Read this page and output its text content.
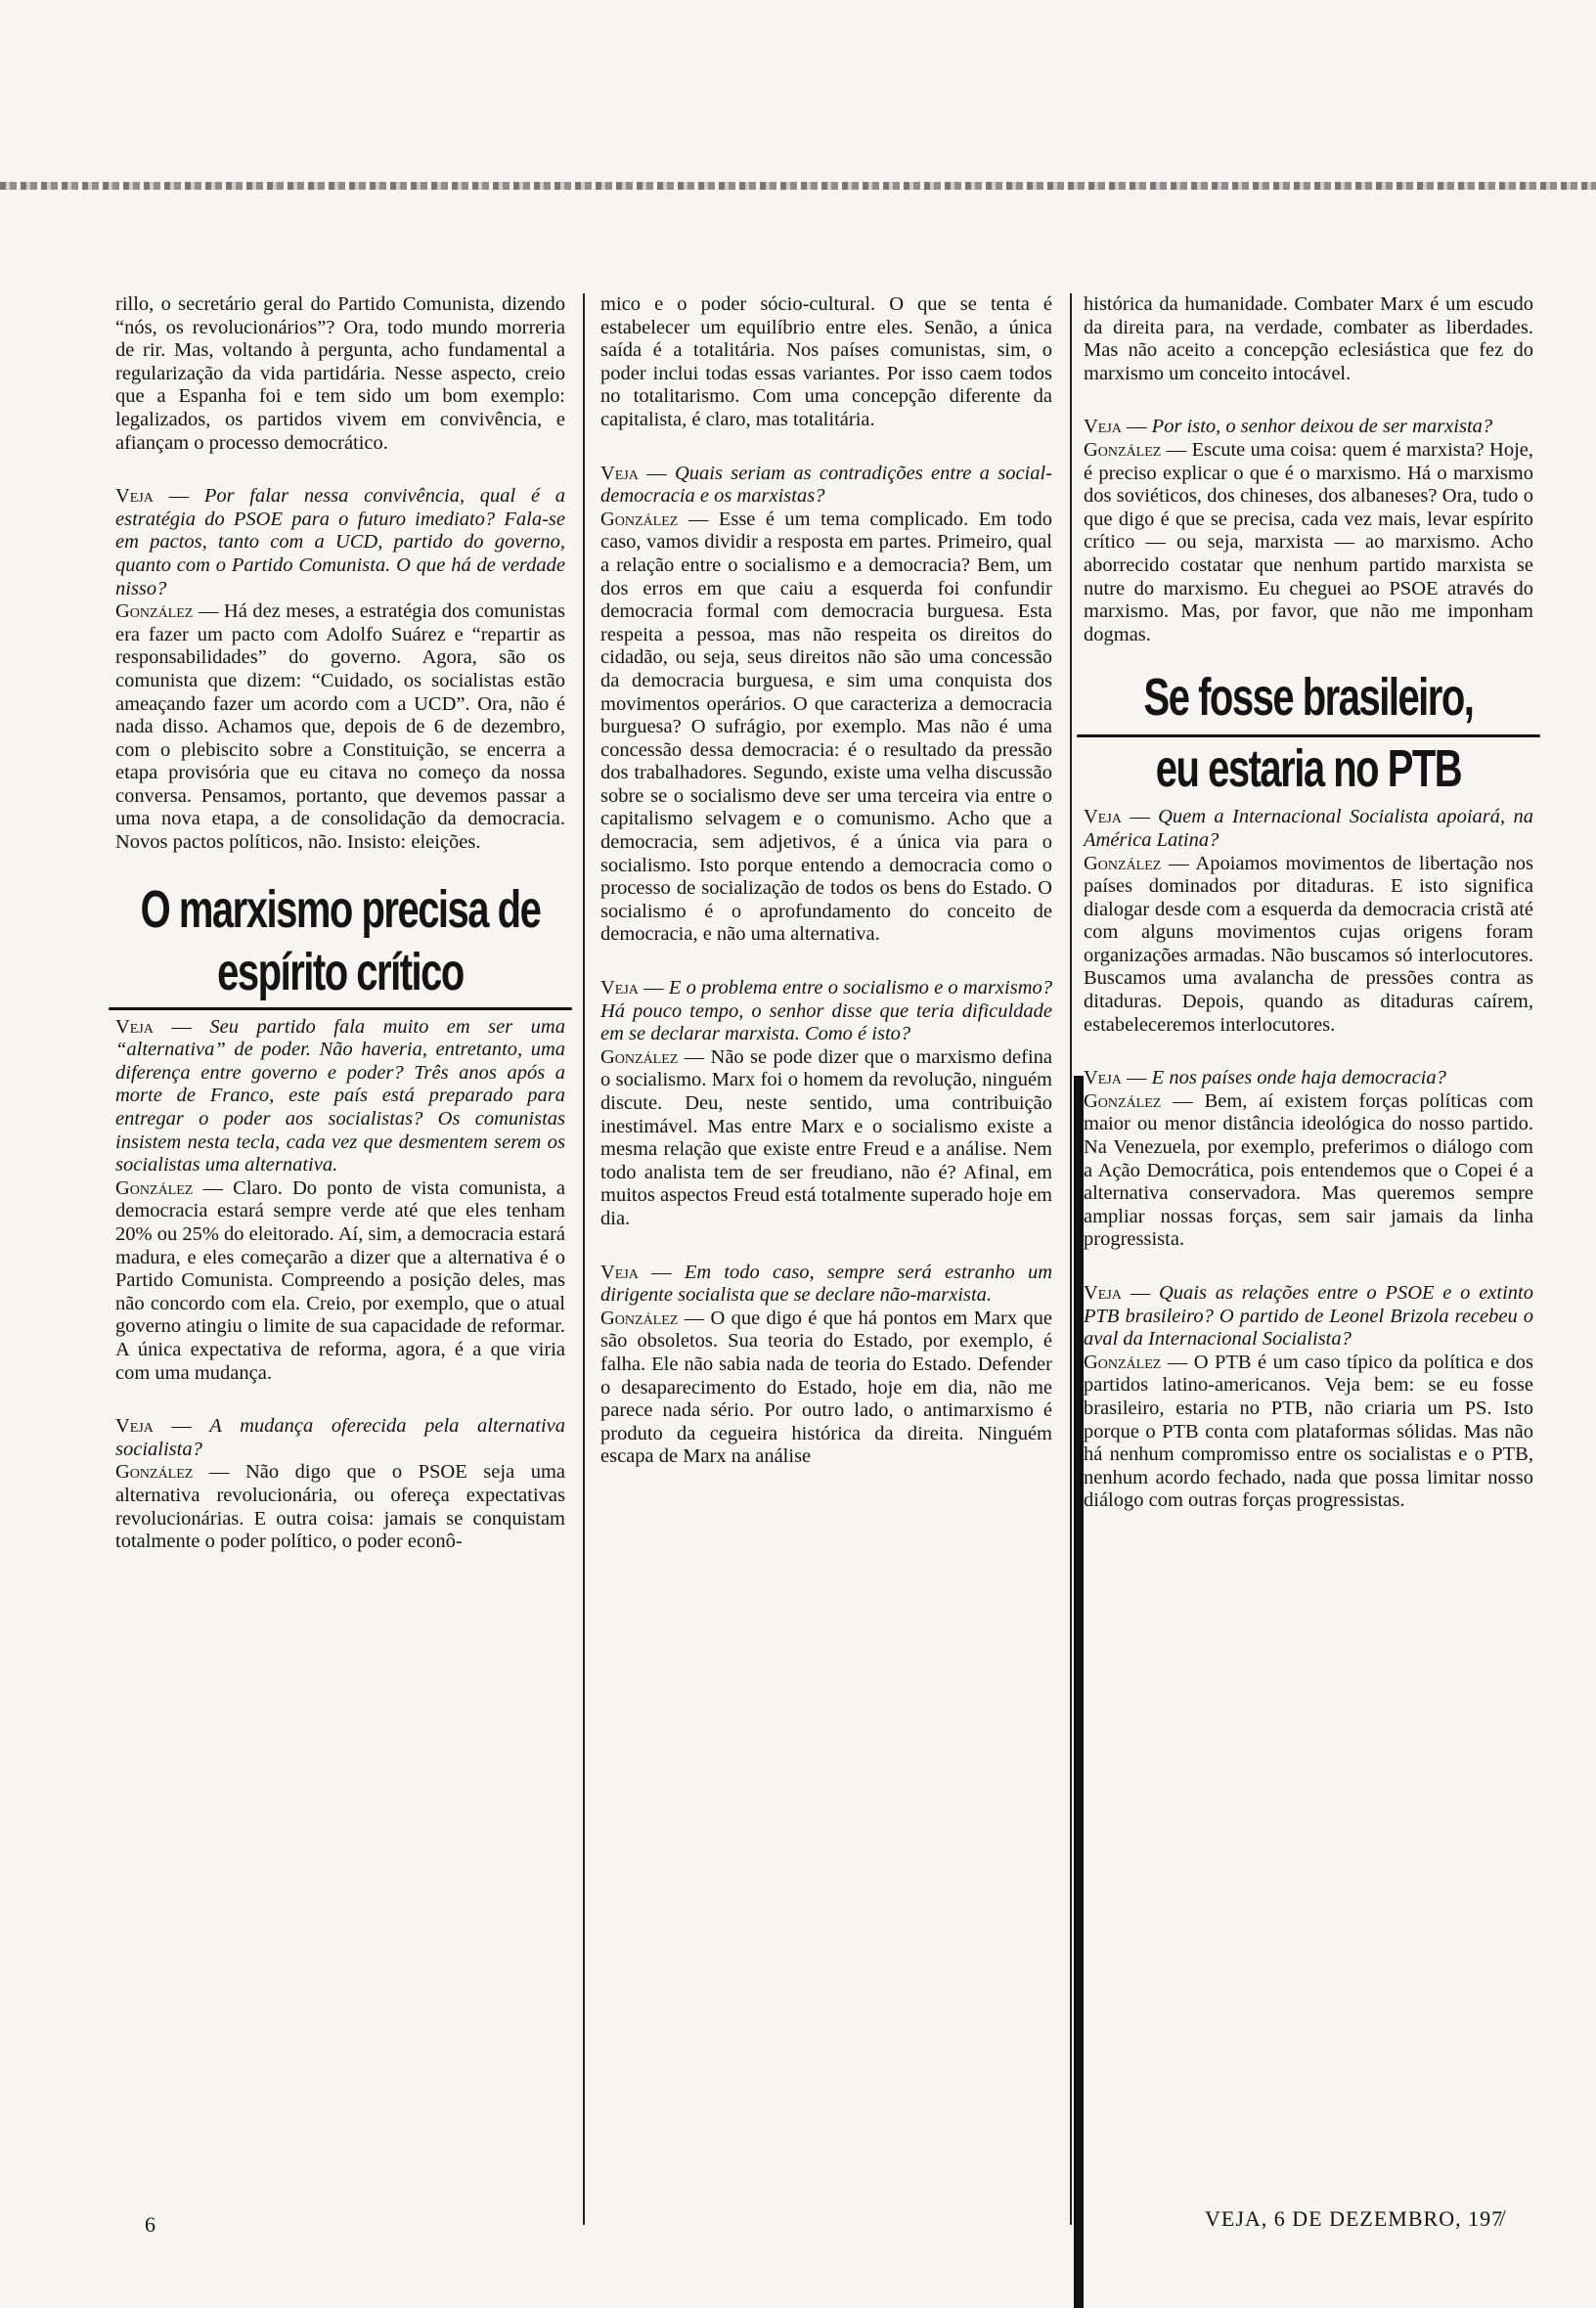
rillo, o secretário geral do Partido Comunista, dizendo “nós, os revolucionários”? Ora, todo mundo morreria de rir. Mas, voltando à pergunta, acho fundamental a regularização da vida partidária. Nesse aspecto, creio que a Espanha foi e tem sido um bom exemplo: legalizados, os partidos vivem em convivência, e afiançam o processo democrático.

Veja — Por falar nessa convivência, qual é a estratégia do PSOE para o futuro imediato? Fala-se em pactos, tanto com a UCD, partido do governo, quanto com o Partido Comunista. O que há de verdade nisso?

González — Há dez meses, a estratégia dos comunistas era fazer um pacto com Adolfo Suárez e “repartir as responsabilidades” do governo. Agora, são os comunista que dizem: “Cuidado, os socialistas estão ameaçando fazer um acordo com a UCD”. Ora, não é nada disso. Achamos que, depois de 6 de dezembro, com o plebiscito sobre a Constituição, se encerra a etapa provisória que eu citava no começo da nossa conversa. Pensamos, portanto, que devemos passar a uma nova etapa, a de consolidação da democracia. Novos pactos políticos, não. Insisto: eleições.

O marxismo precisa de
espírito crítico

Veja — Seu partido fala muito em ser uma “alternativa” de poder. Não haveria, entretanto, uma diferença entre governo e poder? Três anos após a morte de Franco, este país está preparado para entregar o poder aos socialistas? Os comunistas insistem nesta tecla, cada vez que desmentem serem os socialistas uma alternativa.

González — Claro. Do ponto de vista comunista, a democracia estará sempre verde até que eles tenham 20% ou 25% do eleitorado. Aí, sim, a democracia estará madura, e eles começarão a dizer que a alternativa é o Partido Comunista. Compreendo a posição deles, mas não concordo com ela. Creio, por exemplo, que o atual governo atingiu o limite de sua capacidade de reformar. A única expectativa de reforma, agora, é a que viria com uma mudança.

Veja — A mudança oferecida pela alternativa socialista?

González — Não digo que o PSOE seja uma alternativa revolucionária, ou ofereça expectativas revolucionárias. E outra coisa: jamais se conquistam totalmente o poder político, o poder econô-

mico e o poder sócio-cultural. O que se tenta é estabelecer um equilíbrio entre eles. Senão, a única saída é a totalitária. Nos países comunistas, sim, o poder inclui todas essas variantes. Por isso caem todos no totalitarismo. Com uma concepção diferente da capitalista, é claro, mas totalitária.

Veja — Quais seriam as contradições entre a social-democracia e os marxistas?

González — Esse é um tema complicado. Em todo caso, vamos dividir a resposta em partes. Primeiro, qual a relação entre o socialismo e a democracia? Bem, um dos erros em que caiu a esquerda foi confundir democracia formal com democracia burguesa. Esta respeita a pessoa, mas não respeita os direitos do cidadão, ou seja, seus direitos não são uma concessão da democracia burguesa, e sim uma conquista dos movimentos operários. O que caracteriza a democracia burguesa? O sufrágio, por exemplo. Mas não é uma concessão dessa democracia: é o resultado da pressão dos trabalhadores. Segundo, existe uma velha discussão sobre se o socialismo deve ser uma terceira via entre o capitalismo selvagem e o comunismo. Acho que a democracia, sem adjetivos, é a única via para o socialismo. Isto porque entendo a democracia como o processo de socialização de todos os bens do Estado. O socialismo é o aprofundamento do conceito de democracia, e não uma alternativa.

Veja — E o problema entre o socialismo e o marxismo? Há pouco tempo, o senhor disse que teria dificuldade em se declarar marxista. Como é isto?

González — Não se pode dizer que o marxismo defina o socialismo. Marx foi o homem da revolução, ninguém discute. Deu, neste sentido, uma contribuição inestimável. Mas entre Marx e o socialismo existe a mesma relação que existe entre Freud e a análise. Nem todo analista tem de ser freudiano, não é? Afinal, em muitos aspectos Freud está totalmente superado hoje em dia.

Veja — Em todo caso, sempre será estranho um dirigente socialista que se declare não-marxista.

González — O que digo é que há pontos em Marx que são obsoletos. Sua teoria do Estado, por exemplo, é falha. Ele não sabia nada de teoria do Estado. Defender o desaparecimento do Estado, hoje em dia, não me parece nada sério. Por outro lado, o antimarxismo é produto da cegueira histórica da direita. Ninguém escapa de Marx na análise

histórica da humanidade. Combater Marx é um escudo da direita para, na verdade, combater as liberdades. Mas não aceito a concepção eclesiástica que fez do marxismo um conceito intocável.

Veja — Por isto, o senhor deixou de ser marxista?

González — Escute uma coisa: quem é marxista? Hoje, é preciso explicar o que é o marxismo. Há o marxismo dos soviéticos, dos chineses, dos albaneses? Ora, tudo o que digo é que se precisa, cada vez mais, levar espírito crítico — ou seja, marxista — ao marxismo. Acho aborrecido costatar que nenhum partido marxista se nutre do marxismo. Eu cheguei ao PSOE através do marxismo. Mas, por favor, que não me imponham dogmas.

Se fosse brasileiro,
eu estaria no PTB

Veja — Quem a Internacional Socialista apoiará, na América Latina?

González — Apoiamos movimentos de libertação nos países dominados por ditaduras. E isto significa dialogar desde com a esquerda da democracia cristã até com alguns movimentos cujas origens foram organizações armadas. Não buscamos só interlocutores. Buscamos uma avalancha de pressões contra as ditaduras. Depois, quando as ditaduras caírem, estabeleceremos interlocutores.

Veja — E nos países onde haja democracia?

González — Bem, aí existem forças políticas com maior ou menor distância ideológica do nosso partido. Na Venezuela, por exemplo, preferimos o diálogo com a Ação Democrática, pois entendemos que o Copei é a alternativa conservadora. Mas queremos sempre ampliar nossas forças, sem sair jamais da linha progressista.

Veja — Quais as relações entre o PSOE e o extinto PTB brasileiro? O partido de Leonel Brizola recebeu o aval da Internacional Socialista?

González — O PTB é um caso típico da política e dos partidos latino-americanos. Veja bem: se eu fosse brasileiro, estaria no PTB, não criaria um PS. Isto porque o PTB conta com plataformas sólidas. Mas não há nenhum compromisso entre os socialistas e o PTB, nenhum acordo fechado, nada que possa limitar nosso diálogo com outras forças progressistas.

6	VEJA, 6 DE DEZEMBRO, 197̸
